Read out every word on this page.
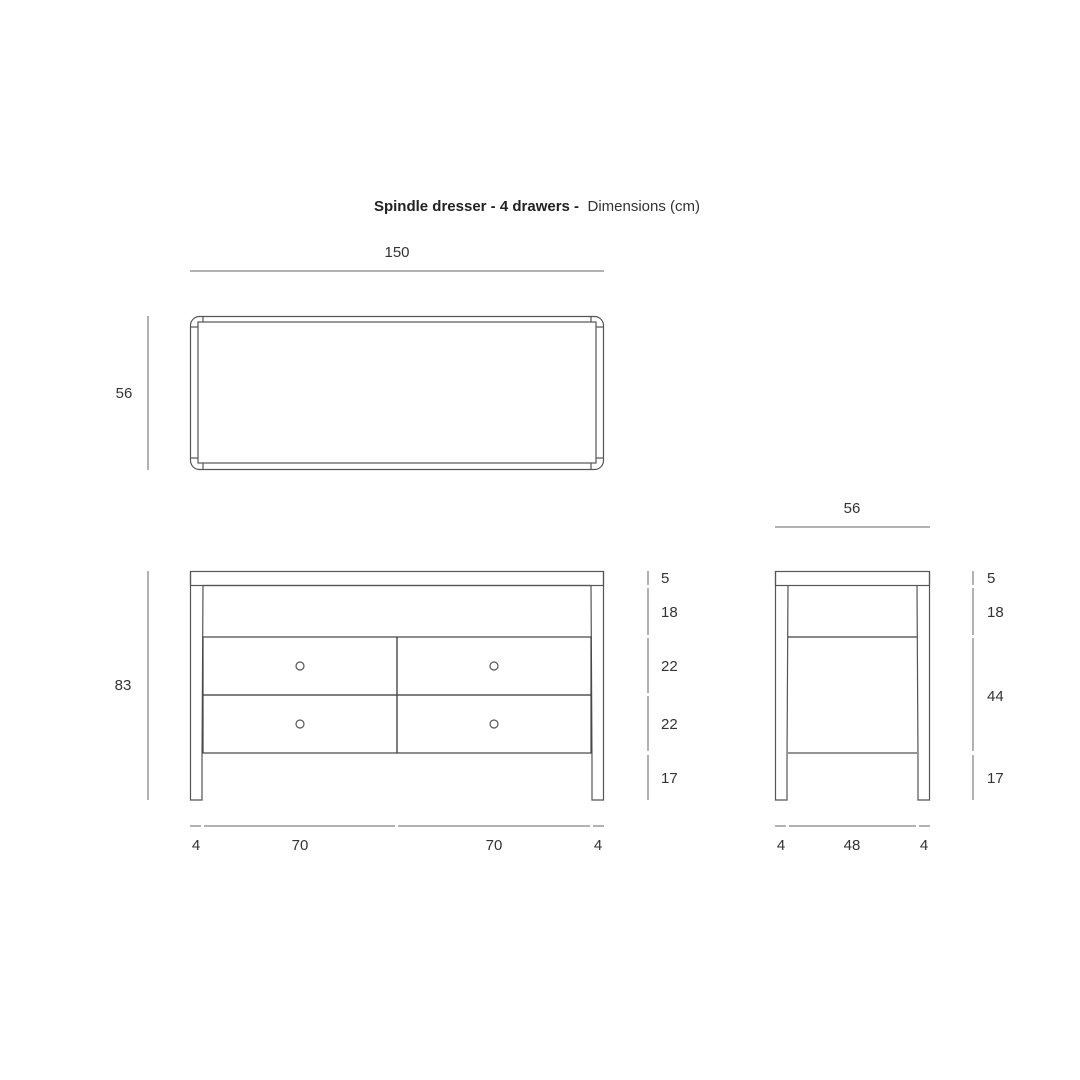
Spindle dresser - 4 drawers - Dimensions (cm)
150
56
83
5
18
22
22
17
4	70	70	4
56
5
18
44
17
4	48	4
